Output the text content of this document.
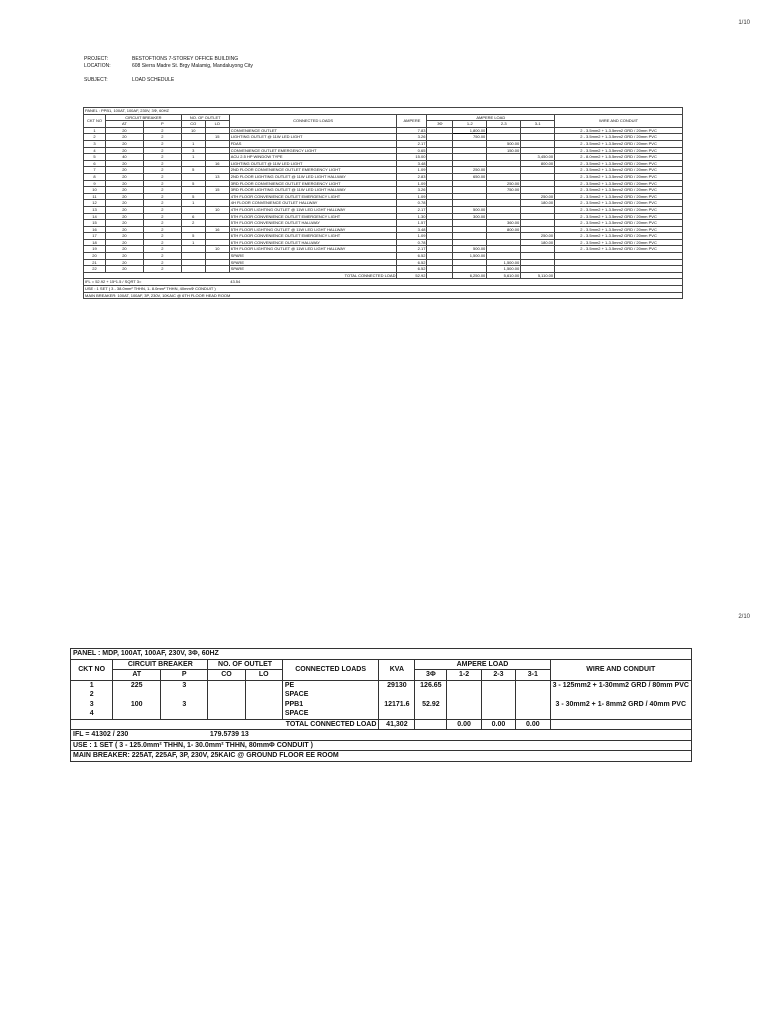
1/10
PROJECT:	BESTOFTIONS 7-STOREY OFFICE BUILDING
LOCATION:	608 Sierra Madre St. Brgy Malamig, Mandaluyong City
SUBJECT:	LOAD SCHEDULE
PANEL : PPB1, 100AT, 100AF, 230V, 3Φ, 60HZ											
CKT NO	CIRCUIT BREAKER		NO. OF OUTLET		CONNECTED LOADS	AMPERE	AMPERE LOAD				WIRE AND CONDUIT
	AT	P	CO	LO			3Φ	1-2	2-3	3-1	
1	20	2	10		CONVENIENCE OUTLET	7.83		1,800.00			2 - 3.5mm2 + 1-3.5mm2 GRD / 20mm PVC
2	20	2		15	LIGHTING OUTLET @ 11W LED LIGHT	3.26		750.00			2 - 3.5mm2 + 1-3.5mm2 GRD / 20mm PVC
3	20	2	1		FDAS	2.17			500.00		2 - 3.5mm2 + 1-3.5mm2 GRD / 20mm PVC
4	20	2	3		CONVENIENCE OUTLET EMERGENCY LIGHT	0.65			150.00		2 - 3.5mm2 + 1-3.5mm2 GRD / 20mm PVC
5	40	2	1		ACU 2.5 HP WINDOW TYPE	15.00				3,450.00	2 - 8.0mm2 + 1-5.5mm2 GRD / 20mm PVC
6	20	2		16	LIGHTING OUTLET @ 11W LED LIGHT	3.48				800.00	2 - 3.5mm2 + 1-3.5mm2 GRD / 20mm PVC
7	20	2	5		2ND FLOOR CONVENIENCE OUTLET EMERGENCY LIGHT	1.09		250.00			2 - 3.5mm2 + 1-3.5mm2 GRD / 20mm PVC
8	20	2		13	2ND FLOOR LIGHTING OUTLET @ 11W LED LIGHT HALLWAY	2.83		650.00			2 - 3.5mm2 + 1-3.5mm2 GRD / 20mm PVC
9	20	2	5		3RD FLOOR CONVENIENCE OUTLET EMERGENCY LIGHT	1.09			250.00		2 - 3.5mm2 + 1-3.5mm2 GRD / 20mm PVC
10	20	2		15	3RD FLOOR LIGHTING OUTLET @ 11W LED LIGHT HALLWAY	3.26			750.00		2 - 3.5mm2 + 1-3.5mm2 GRD / 20mm PVC
11	20	2	5		4TH FLOOR CONVENIENCE OUTLET EMERGENCY LIGHT	1.09				250.00	2 - 3.5mm2 + 1-3.5mm2 GRD / 20mm PVC
12	20	2	1		4H FLOOR CONVENIENCE OUTLET HALLWAY	0.78				180.00	2 - 3.5mm2 + 1-3.5mm2 GRD / 20mm PVC
13	20	2		10	4TH FLOOR LIGHTING OUTLET @ 11W LED LIGHT HALLWAY	2.17		500.00			2 - 3.5mm2 + 1-3.5mm2 GRD / 20mm PVC
14	20	2	6		5TH FLOOR CONVENIENCE OUTLET EMERGENCY LIGHT	1.30		300.00			2 - 3.5mm2 + 1-3.5mm2 GRD / 20mm PVC
15	20	2	2		5TH FLOOR CONVENIENCE OUTLET HALLWAY	1.57			360.00		2 - 3.5mm2 + 1-3.5mm2 GRD / 20mm PVC
16	20	2		16	5TH FLOOR LIGHTING OUTLET @ 11W LED LIGHT HALLWAY	3.48			800.00		2 - 3.5mm2 + 1-3.5mm2 GRD / 20mm PVC
17	20	2	5		6TH FLOOR CONVENIENCE OUTLET EMERGENCY LIGHT	1.09				250.00	2 - 3.5mm2 + 1-3.5mm2 GRD / 20mm PVC
18	20	2	1		6TH FLOOR CONVENIENCE OUTLET HALLWAY	0.78				180.00	2 - 3.5mm2 + 1-3.5mm2 GRD / 20mm PVC
19	20	2		10	6TH FLOOR LIGHTING OUTLET @ 11W LED LIGHT HALLWAY	2.17		500.00			2 - 3.5mm2 + 1-3.5mm2 GRD / 20mm PVC
20	20	2			SPARE	6.52		1,500.00			
21	20	2			SPARE	6.52			1,500.00		
22	20	2			SPARE	6.52			1,500.00		
TOTAL CONNECTED LOAD						52.92		6,250.00	5,610.00	5,110.00	
IFL = 52.92 + 15*1.5 / SQRT 3=					43.54						
USE : 1 SET ( 3 - 38.0mm² THHN, 1- 8.0mm² THHN, 40mmΦ CONDUIT )											
MAIN BREAKER: 100AT, 100AF, 3P, 230V, 10KAIC @ 6TH FLOOR HEAD ROOM											
2/10
PANEL : MDP, 100AT, 100AF, 230V, 3Φ, 60HZ											
CKT NO	CIRCUIT BREAKER		NO. OF OUTLET		CONNECTED LOADS	KVA	AMPERE LOAD				WIRE AND CONDUIT
	AT	P	CO	LO			3Φ	1-2	2-3	3-1	
1	225	3			PE	29130	126.65				3 - 125mm2 + 1-30mm2 GRD / 80mm PVC
2					SPACE						
3	100	3			PPB1	12171.6	52.92				3 - 30mm2 + 1- 8mm2 GRD / 40mm PVC
4					SPACE						
TOTAL CONNECTED LOAD						41,302		0.00	0.00	0.00	
IFL = 41302 / 230			179.5739 13								
USE : 1 SET ( 3 - 125.0mm² THHN, 1- 30.0mm² THHN, 80mmΦ CONDUIT )											
MAIN BREAKER: 225AT, 225AF, 3P, 230V, 25KAIC @ GROUND FLOOR EE ROOM											
